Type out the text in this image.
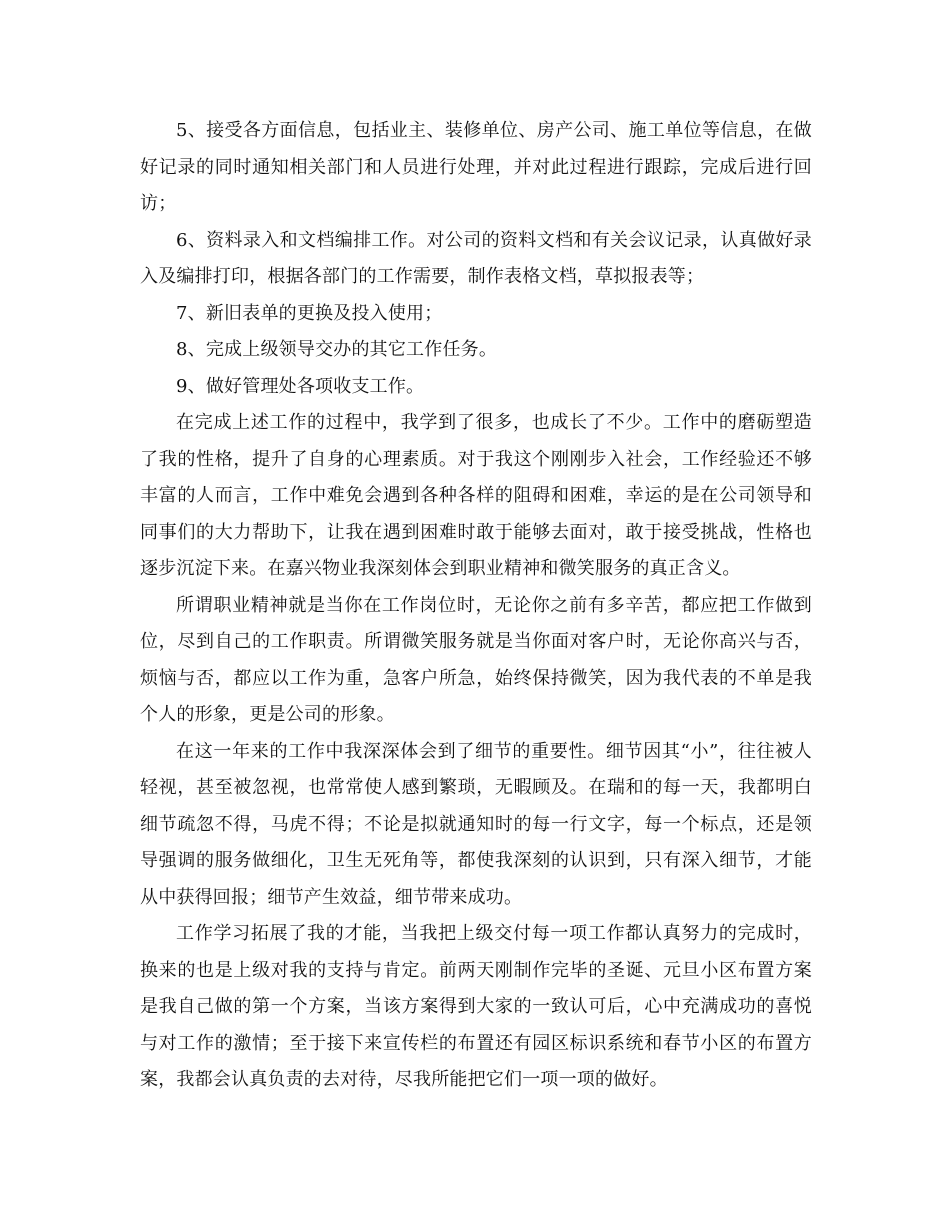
5、接受各方面信息，包括业主、装修单位、房产公司、施工单位等信息，在做好记录的同时通知相关部门和人员进行处理，并对此过程进行跟踪，完成后进行回访；

6、资料录入和文档编排工作。对公司的资料文档和有关会议记录，认真做好录入及编排打印，根据各部门的工作需要，制作表格文档，草拟报表等；

7、新旧表单的更换及投入使用；

8、完成上级领导交办的其它工作任务。

9、做好管理处各项收支工作。

在完成上述工作的过程中，我学到了很多，也成长了不少。工作中的磨砺塑造了我的性格，提升了自身的心理素质。对于我这个刚刚步入社会，工作经验还不够丰富的人而言，工作中难免会遇到各种各样的阻碍和困难，幸运的是在公司领导和同事们的大力帮助下，让我在遇到困难时敢于能够去面对，敢于接受挑战，性格也逐步沉淀下来。在嘉兴物业我深刻体会到职业精神和微笑服务的真正含义。

所谓职业精神就是当你在工作岗位时，无论你之前有多辛苦，都应把工作做到位，尽到自己的工作职责。所谓微笑服务就是当你面对客户时，无论你高兴与否，烦恼与否，都应以工作为重，急客户所急，始终保持微笑，因为我代表的不单是我个人的形象，更是公司的形象。

在这一年来的工作中我深深体会到了细节的重要性。细节因其“小”，往往被人轻视，甚至被忽视，也常常使人感到繁琐，无暇顾及。在瑞和的每一天，我都明白细节疏忽不得，马虎不得；不论是拟就通知时的每一行文字，每一个标点，还是领导强调的服务做细化，卫生无死角等，都使我深刻的认识到，只有深入细节，才能从中获得回报；细节产生效益，细节带来成功。

工作学习拓展了我的才能，当我把上级交付每一项工作都认真努力的完成时，换来的也是上级对我的支持与肯定。前两天刚制作完毕的圣诞、元旦小区布置方案是我自己做的第一个方案，当该方案得到大家的一致认可后，心中充满成功的喜悦与对工作的激情；至于接下来宣传栏的布置还有园区标识系统和春节小区的布置方案，我都会认真负责的去对待，尽我所能把它们一项一项的做好。
